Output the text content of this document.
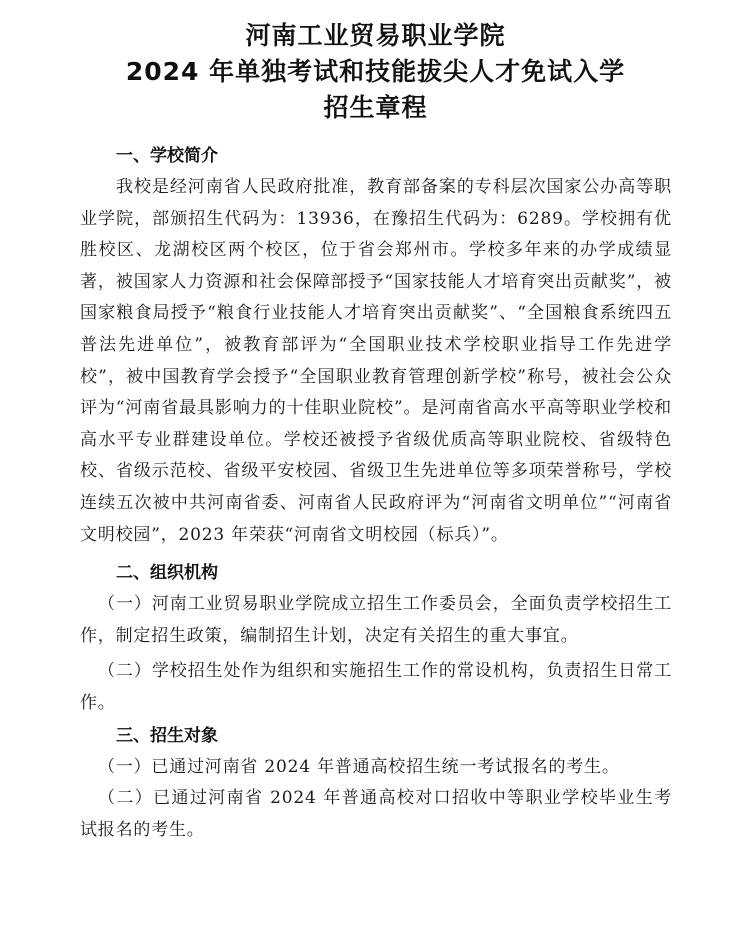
河南工业贸易职业学院

2024 年单独考试和技能拔尖人才免试入学

招生章程

一、学校简介

我校是经河南省人民政府批准，教育部备案的专科层次国家公办高等职业学院，部颁招生代码为：13936，在豫招生代码为：6289。学校拥有优胜校区、龙湖校区两个校区，位于省会郑州市。学校多年来的办学成绩显著，被国家人力资源和社会保障部授予“国家技能人才培育突出贡献奖”，被国家粮食局授予“粮食行业技能人才培育突出贡献奖”、“全国粮食系统四五普法先进单位”，被教育部评为“全国职业技术学校职业指导工作先进学校”，被中国教育学会授予“全国职业教育管理创新学校”称号，被社会公众评为“河南省最具影响力的十佳职业院校”。是河南省高水平高等职业学校和高水平专业群建设单位。学校还被授予省级优质高等职业院校、省级特色校、省级示范校、省级平安校园、省级卫生先进单位等多项荣誉称号，学校连续五次被中共河南省委、河南省人民政府评为“河南省文明单位”“河南省文明校园”，2023 年荣获“河南省文明校园（标兵）”。

二、组织机构

（一）河南工业贸易职业学院成立招生工作委员会，全面负责学校招生工作，制定招生政策，编制招生计划，决定有关招生的重大事宜。

（二）学校招生处作为组织和实施招生工作的常设机构，负责招生日常工作。

三、招生对象

（一）已通过河南省 2024 年普通高校招生统一考试报名的考生。

（二）已通过河南省 2024 年普通高校对口招收中等职业学校毕业生考试报名的考生。
